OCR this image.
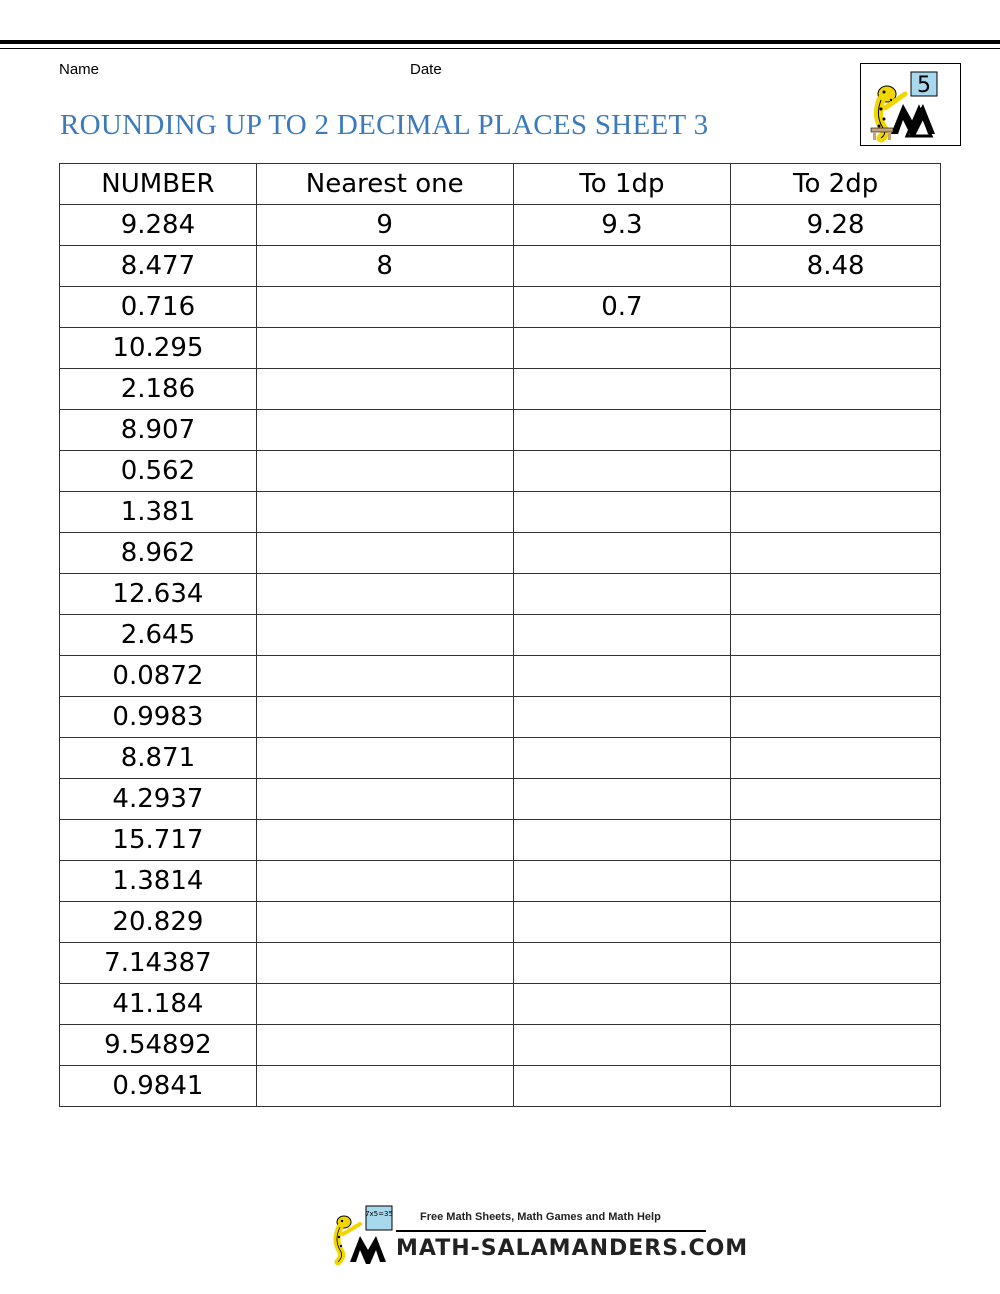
Name	Date
ROUNDING UP TO 2 DECIMAL PLACES SHEET 3
5
NUMBER	Nearest one	To 1dp	To 2dp
9.284	9	9.3	9.28
8.477	8		8.48
0.716		0.7	
10.295			
2.186			
8.907			
0.562			
1.381			
8.962			
12.634			
2.645			
0.0872			
0.9983			
8.871			
4.2937			
15.717			
1.3814			
20.829			
7.14387			
41.184			
9.54892			
0.9841			
7x5=35 Free Math Sheets, Math Games and Math Help
MATH-SALAMANDERS.COM
